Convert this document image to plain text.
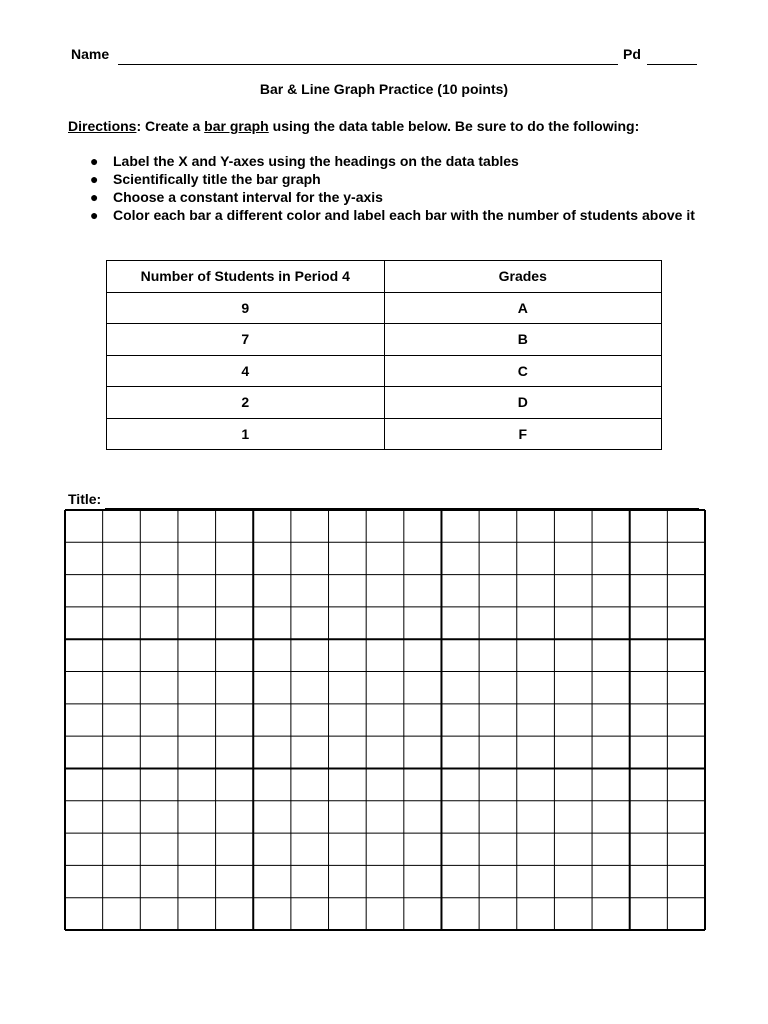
Name	Pd
Bar & Line Graph Practice (10 points)
Directions: Create a bar graph using the data table below. Be sure to do the following:
● Label the X and Y-axes using the headings on the data tables
● Scientifically title the bar graph
● Choose a constant interval for the y-axis
● Color each bar a different color and label each bar with the number of students above it
Number of Students in Period 4	Grades
9	A
7	B
4	C
2	D
1	F
Title:
